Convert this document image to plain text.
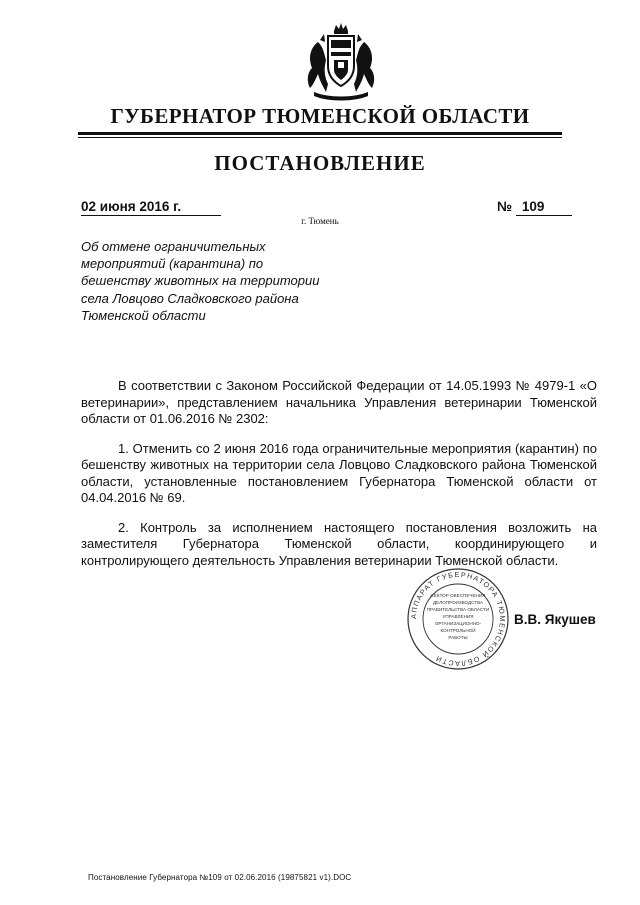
ГУБЕРНАТОР ТЮМЕНСКОЙ ОБЛАСТИ
ПОСТАНОВЛЕНИЕ
02 июня 2016 г.	№ 109
г. Тюмень
Об отмене ограничительных
мероприятий (карантина) по
бешенству животных на территории
села Ловцово Сладковского района
Тюменской области

В соответствии с Законом Российской Федерации от 14.05.1993 № 4979-1 «О ветеринарии», представлением начальника Управления ветеринарии Тюменской области от 01.06.2016 № 2302:

1. Отменить со 2 июня 2016 года ограничительные мероприятия (карантин) по бешенству животных на территории села Ловцово Сладковского района Тюменской области, установленные постановлением Губернатора Тюменской области от 04.04.2016 № 69.

2. Контроль за исполнением настоящего постановления возложить на заместителя Губернатора Тюменской области, координирующего и контролирующего деятельность Управления ветеринарии Тюменской области.

АППАРАТ ГУБЕРНАТОРА ТЮМЕНСКОЙ ОБЛАСТИ
СЕКТОР ОБЕСПЕЧЕНИЯ
ДЕЛОПРОИЗВОДСТВА
ПРАВИТЕЛЬСТВА ОБЛАСТИ
УПРАВЛЕНИЯ
ОРГАНИЗАЦИОННО-
КОНТРОЛЬНОЙ
РАБОТЫ
В.В. Якушев
Постановление Губернатора №109 от 02.06.2016 (19875821 v1).DOC
